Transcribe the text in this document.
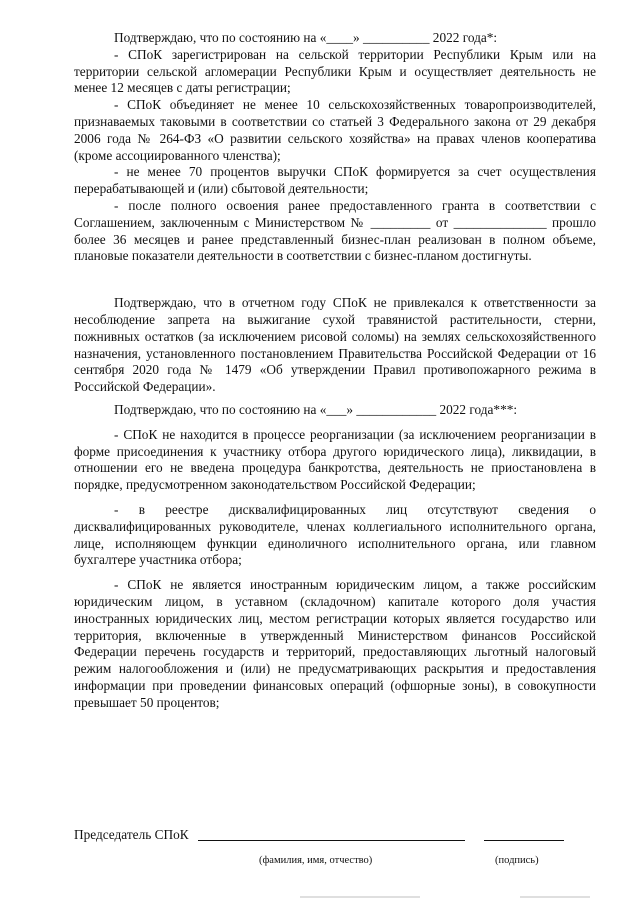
Подтверждаю, что по состоянию на «____» __________ 2022 года*:

- СПоК зарегистрирован на сельской территории Республики Крым или на территории сельской агломерации Республики Крым и осуществляет деятельность не менее 12 месяцев с даты регистрации;

- СПоК объединяет не менее 10 сельскохозяйственных товаропроизводителей, признаваемых таковыми в соответствии со статьей 3 Федерального закона от 29 декабря 2006 года № 264-ФЗ «О развитии сельского хозяйства» на правах членов кооператива (кроме ассоциированного членства);

- не менее 70 процентов выручки СПоК формируется за счет осуществления перерабатывающей и (или) сбытовой деятельности;

- после полного освоения ранее предоставленного гранта в соответствии с Соглашением, заключенным с Министерством № _________ от ______________ прошло более 36 месяцев и ранее представленный бизнес-план реализован в полном объеме, плановые показатели деятельности в соответствии с бизнес-планом достигнуты.

Подтверждаю, что в отчетном году СПоК не привлекался к ответственности за несоблюдение запрета на выжигание сухой травянистой растительности, стерни, пожнивных остатков (за исключением рисовой соломы) на землях сельскохозяйственного назначения, установленного постановлением Правительства Российской Федерации от 16 сентября 2020 года № 1479 «Об утверждении Правил противопожарного режима в Российской Федерации».

Подтверждаю, что по состоянию на «___» ____________ 2022 года***:

- СПоК не находится в процессе реорганизации (за исключением реорганизации в форме присоединения к участнику отбора другого юридического лица), ликвидации, в отношении его не введена процедура банкротства, деятельность не приостановлена в порядке, предусмотренном законодательством Российской Федерации;

- в реестре дисквалифицированных лиц отсутствуют сведения о дисквалифицированных руководителе, членах коллегиального исполнительного органа, лице, исполняющем функции единоличного исполнительного органа, или главном бухгалтере участника отбора;

- СПоК не является иностранным юридическим лицом, а также российским юридическим лицом, в уставном (складочном) капитале которого доля участия иностранных юридических лиц, местом регистрации которых является государство или территория, включенные в утвержденный Министерством финансов Российской Федерации перечень государств и территорий, предоставляющих льготный налоговый режим налогообложения и (или) не предусматривающих раскрытия и предоставления информации при проведении финансовых операций (офшорные зоны), в совокупности превышает 50 процентов;

Председатель СПоК
(фамилия, имя, отчество)	(подпись)
